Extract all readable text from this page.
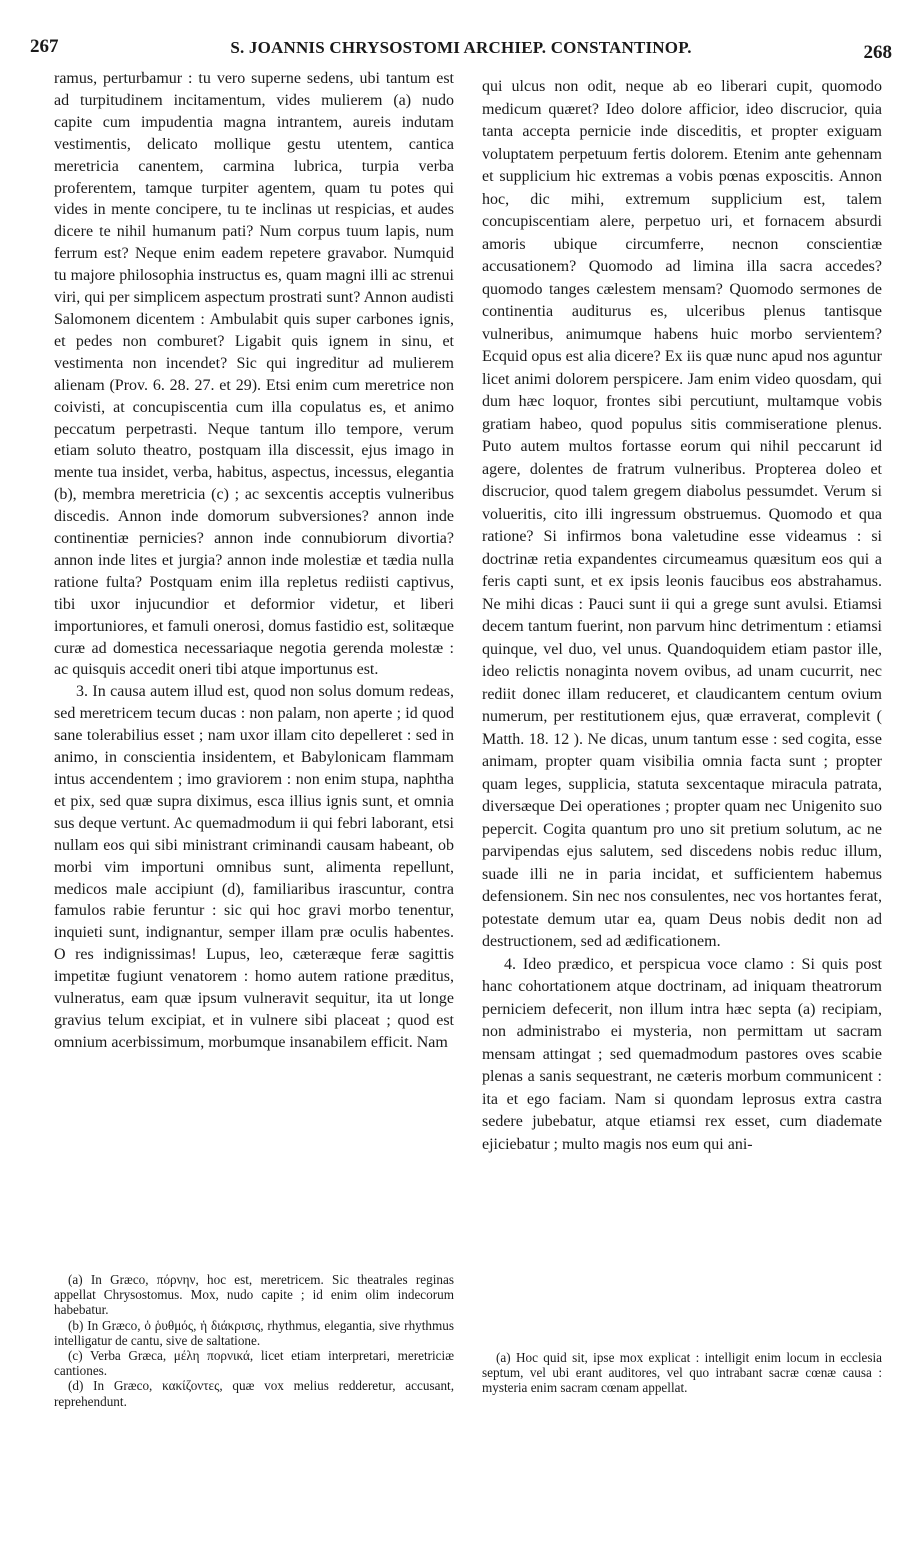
267	S. JOANNIS CHRYSOSTOMI ARCHIEP. CONSTANTINOP.	268

ramus, perturbamur : tu vero superne sedens, ubi tantum est ad turpitudinem incitamentum, vides mulierem (a) nudo capite cum impudentia magna intrantem, aureis indutam vestimentis, delicato mollique gestu utentem, cantica meretricia canentem, carmina lubrica, turpia verba proferentem, tamque turpiter agentem, quam tu potes qui vides in mente concipere, tu te inclinas ut respicias, et audes dicere te nihil humanum pati? Num corpus tuum lapis, num ferrum est? Neque enim eadem repetere gravabor. Numquid tu majore philosophia instructus es, quam magni illi ac strenui viri, qui per simplicem aspectum prostrati sunt? Annon audisti Salomonem dicentem : Ambulabit quis super carbones ignis, et pedes non comburet? Ligabit quis ignem in sinu, et vestimenta non incendet? Sic qui ingreditur ad mulierem alienam (Prov. 6. 28. 27. et 29). Etsi enim cum meretrice non coivisti, at concupiscentia cum illa copulatus es, et animo peccatum perpetrasti. Neque tantum illo tempore, verum etiam soluto theatro, postquam illa discessit, ejus imago in mente tua insidet, verba, habitus, aspectus, incessus, elegantia (b), membra meretricia (c) ; ac sexcentis acceptis vulneribus discedis. Annon inde domorum subversiones? annon inde continentiæ pernicies? annon inde connubiorum divortia? annon inde lites et jurgia? annon inde molestiæ et tædia nulla ratione fulta? Postquam enim illa repletus rediisti captivus, tibi uxor injucundior et deformior videtur, et liberi importuniores, et famuli onerosi, domus fastidio est, solitæque curæ ad domestica necessariaque negotia gerenda molestæ : ac quisquis accedit oneri tibi atque importunus est.

3. In causa autem illud est, quod non solus domum redeas, sed meretricem tecum ducas : non palam, non aperte ; id quod sane tolerabilius esset ; nam uxor illam cito depelleret : sed in animo, in conscientia insidentem, et Babylonicam flammam intus accendentem ; imo graviorem : non enim stupa, naphtha et pix, sed quæ supra diximus, esca illius ignis sunt, et omnia sus deque vertunt. Ac quemadmodum ii qui febri laborant, etsi nullam eos qui sibi ministrant criminandi causam habeant, ob morbi vim importuni omnibus sunt, alimenta repellunt, medicos male accipiunt (d), familiaribus irascuntur, contra famulos rabie feruntur : sic qui hoc gravi morbo tenentur, inquieti sunt, indignantur, semper illam præ oculis habentes. O res indignissimas! Lupus, leo, cæteræque feræ sagittis impetitæ fugiunt venatorem : homo autem ratione præditus, vulneratus, eam quæ ipsum vulneravit sequitur, ita ut longe gravius telum excipiat, et in vulnere sibi placeat ; quod est omnium acerbissimum, morbumque insanabilem efficit. Nam

(a) In Græco, πόρνην, hoc est, meretricem. Sic theatrales reginas appellat Chrysostomus. Mox, nudo capite ; id enim olim indecorum habebatur.

(b) In Græco, ὁ ῥυθμός, ἡ διάκρισις, rhythmus, elegantia, sive rhythmus intelligatur de cantu, sive de saltatione.

(c) Verba Græca, μέλη πορνικά, licet etiam interpretari, meretriciæ cantiones.

(d) In Græco, κακίζοντες, quæ vox melius redderetur, accusant, reprehendunt.

qui ulcus non odit, neque ab eo liberari cupit, quomodo medicum quæret? Ideo dolore afficior, ideo discrucior, quia tanta accepta pernicie inde disceditis, et propter exiguam voluptatem perpetuum fertis dolorem. Etenim ante gehennam et supplicium hic extremas a vobis pœnas exposcitis. Annon hoc, dic mihi, extremum supplicium est, talem concupiscentiam alere, perpetuo uri, et fornacem absurdi amoris ubique circumferre, necnon conscientiæ accusationem? Quomodo ad limina illa sacra accedes? quomodo tanges cælestem mensam? Quomodo sermones de continentia auditurus es, ulceribus plenus tantisque vulneribus, animumque habens huic morbo servientem? Ecquid opus est alia dicere? Ex iis quæ nunc apud nos aguntur licet animi dolorem perspicere. Jam enim video quosdam, qui dum hæc loquor, frontes sibi percutiunt, multamque vobis gratiam habeo, quod populus sitis commiseratione plenus. Puto autem multos fortasse eorum qui nihil peccarunt id agere, dolentes de fratrum vulneribus. Propterea doleo et discrucior, quod talem gregem diabolus pessumdet. Verum si volueritis, cito illi ingressum obstruemus. Quomodo et qua ratione? Si infirmos bona valetudine esse videamus : si doctrinæ retia expandentes circumeamus quæsitum eos qui a feris capti sunt, et ex ipsis leonis faucibus eos abstrahamus. Ne mihi dicas : Pauci sunt ii qui a grege sunt avulsi. Etiamsi decem tantum fuerint, non parvum hinc detrimentum : etiamsi quinque, vel duo, vel unus. Quandoquidem etiam pastor ille, ideo relictis nonaginta novem ovibus, ad unam cucurrit, nec rediit donec illam reduceret, et claudicantem centum ovium numerum, per restitutionem ejus, quæ erraverat, complevit ( Matth. 18. 12 ). Ne dicas, unum tantum esse : sed cogita, esse animam, propter quam visibilia omnia facta sunt ; propter quam leges, supplicia, statuta sexcentaque miracula patrata, diversæque Dei operationes ; propter quam nec Unigenito suo pepercit. Cogita quantum pro uno sit pretium solutum, ac ne parvipendas ejus salutem, sed discedens nobis reduc illum, suade illi ne in paria incidat, et sufficientem habemus defensionem. Sin nec nos consulentes, nec vos hortantes ferat, potestate demum utar ea, quam Deus nobis dedit non ad destructionem, sed ad ædificationem.

4. Ideo prædico, et perspicua voce clamo : Si quis post hanc cohortationem atque doctrinam, ad iniquam theatrorum perniciem defecerit, non illum intra hæc septa (a) recipiam, non administrabo ei mysteria, non permittam ut sacram mensam attingat ; sed quemadmodum pastores oves scabie plenas a sanis sequestrant, ne cæteris morbum communicent : ita et ego faciam. Nam si quondam leprosus extra castra sedere jubebatur, atque etiamsi rex esset, cum diademate ejiciebatur ; multo magis nos eum qui ani-

(a) Hoc quid sit, ipse mox explicat : intelligit enim locum in ecclesia septum, vel ubi erant auditores, vel quo intrabant sacræ cœnæ causa : mysteria enim sacram cœnam appellat.
